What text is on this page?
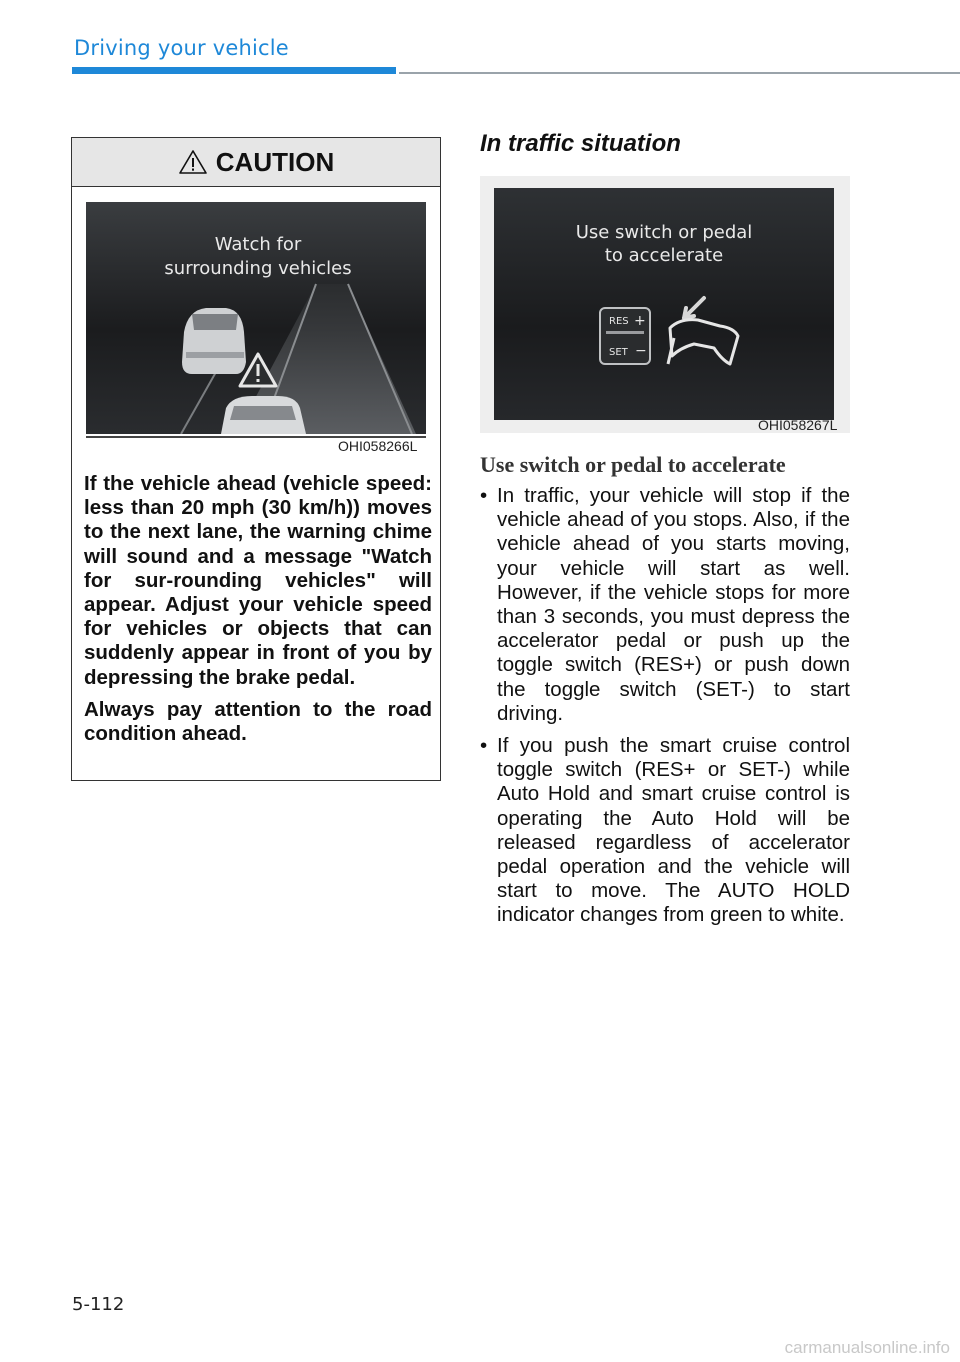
Driving your vehicle
CAUTION
Watch for
surrounding vehicles
OHI058266L

If the vehicle ahead (vehicle speed: less than 20 mph (30 km/h)) moves to the next lane, the warning chime will sound and a message "Watch for sur-rounding vehicles" will appear. Adjust your vehicle speed for vehicles or objects that can suddenly appear in front of you by depressing the brake pedal.

Always pay attention to the road condition ahead.

In traffic situation
Use switch or pedal
to accelerate
RES +
SET −
OHI058267L
Use switch or pedal to accelerate
• In traffic, your vehicle will stop if the vehicle ahead of you stops. Also, if the vehicle ahead of you starts moving, your vehicle will start as well. However, if the vehicle stops for more than 3 seconds, you must depress the accelerator pedal or push up the toggle switch (RES+) or push down the toggle switch (SET-) to start driving.
• If you push the smart cruise control toggle switch (RES+ or SET-) while Auto Hold and smart cruise control is operating the Auto Hold will be released regardless of accelerator pedal operation and the vehicle will start to move. The AUTO HOLD indicator changes from green to white.
5-112
carmanualsonline.info
